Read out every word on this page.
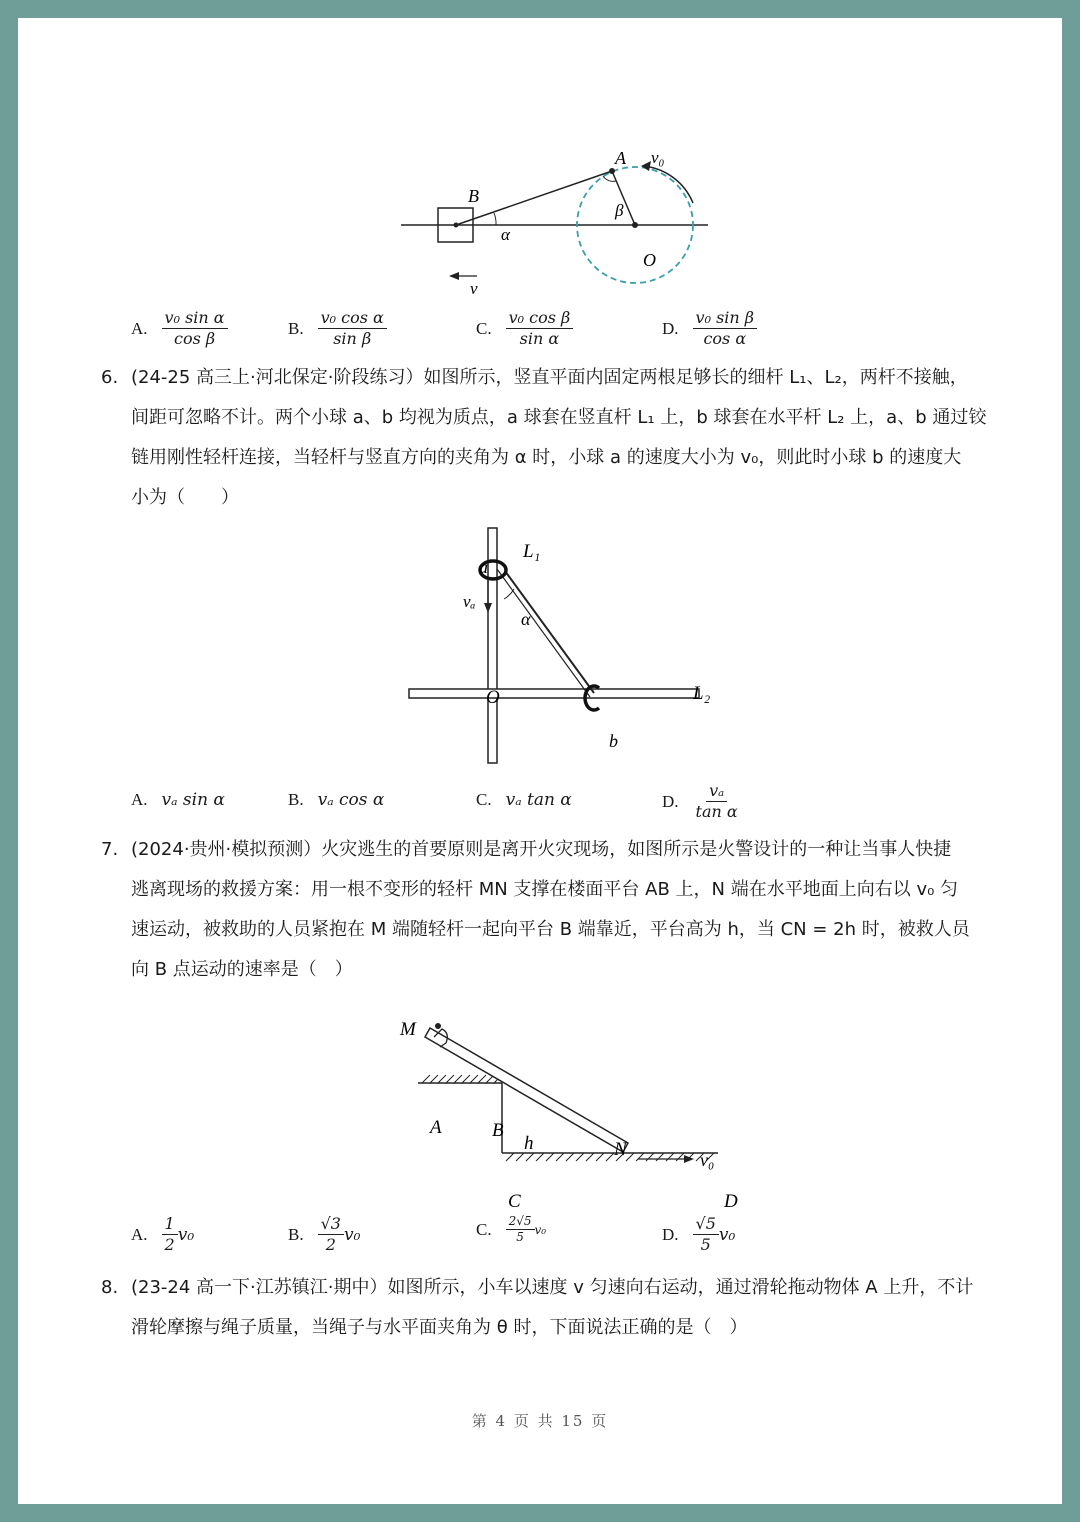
B
A
O
v₀
v
α
β
A. $\frac{\text{v₀ sin α}}{\text{cos β}}$	B. $\frac{\text{v₀ cos α}}{\text{sin β}}$	C. $\frac{\text{v₀ cos β}}{\text{sin α}}$	D. $\frac{\text{v₀ sin β}}{\text{cos α}}$
6. (24-25 高三上·河北保定·阶段练习）如图所示，竖直平面内固定两根足够长的细杆 L₁、L₂，两杆不接触，
间距可忽略不计。两个小球 a、b 均视为质点，a 球套在竖直杆 L₁ 上，b 球套在水平杆 L₂ 上，a、b 通过铰
链用刚性轻杆连接，当轻杆与竖直方向的夹角为 α 时，小球 a 的速度大小为 v₀，则此时小球 b 的速度大
小为（　　）
L₁
L₂
a
vₐ
α
O
b
A. vₐ sin α	B. vₐ cos α	C. vₐ tan α	D. $\frac{\text{vₐ}}{\text{tan α}}$
7. (2024·贵州·模拟预测）火灾逃生的首要原则是离开火灾现场，如图所示是火警设计的一种让当事人快捷
逃离现场的救援方案：用一根不变形的轻杆 MN 支撑在楼面平台 AB 上，N 端在水平地面上向右以 v₀ 匀
速运动，被救助的人员紧抱在 M 端随轻杆一起向平台 B 端靠近，平台高为 h，当 CN = 2h 时，被救人员
向 B 点运动的速率是（　）
M
A	B
h	N	v₀
C	D
A. $\frac{1}{2} v_0$	B. $\frac{√3}{2} v_0$	C. $\frac{2√5}{5} v_0$	D. $\frac{√5}{5} v_0$
8. (23-24 高一下·江苏镇江·期中）如图所示，小车以速度 v 匀速向右运动，通过滑轮拖动物体 A 上升，不计
滑轮摩擦与绳子质量，当绳子与水平面夹角为 θ 时，下面说法正确的是（　）
第 4 页 共 15 页
